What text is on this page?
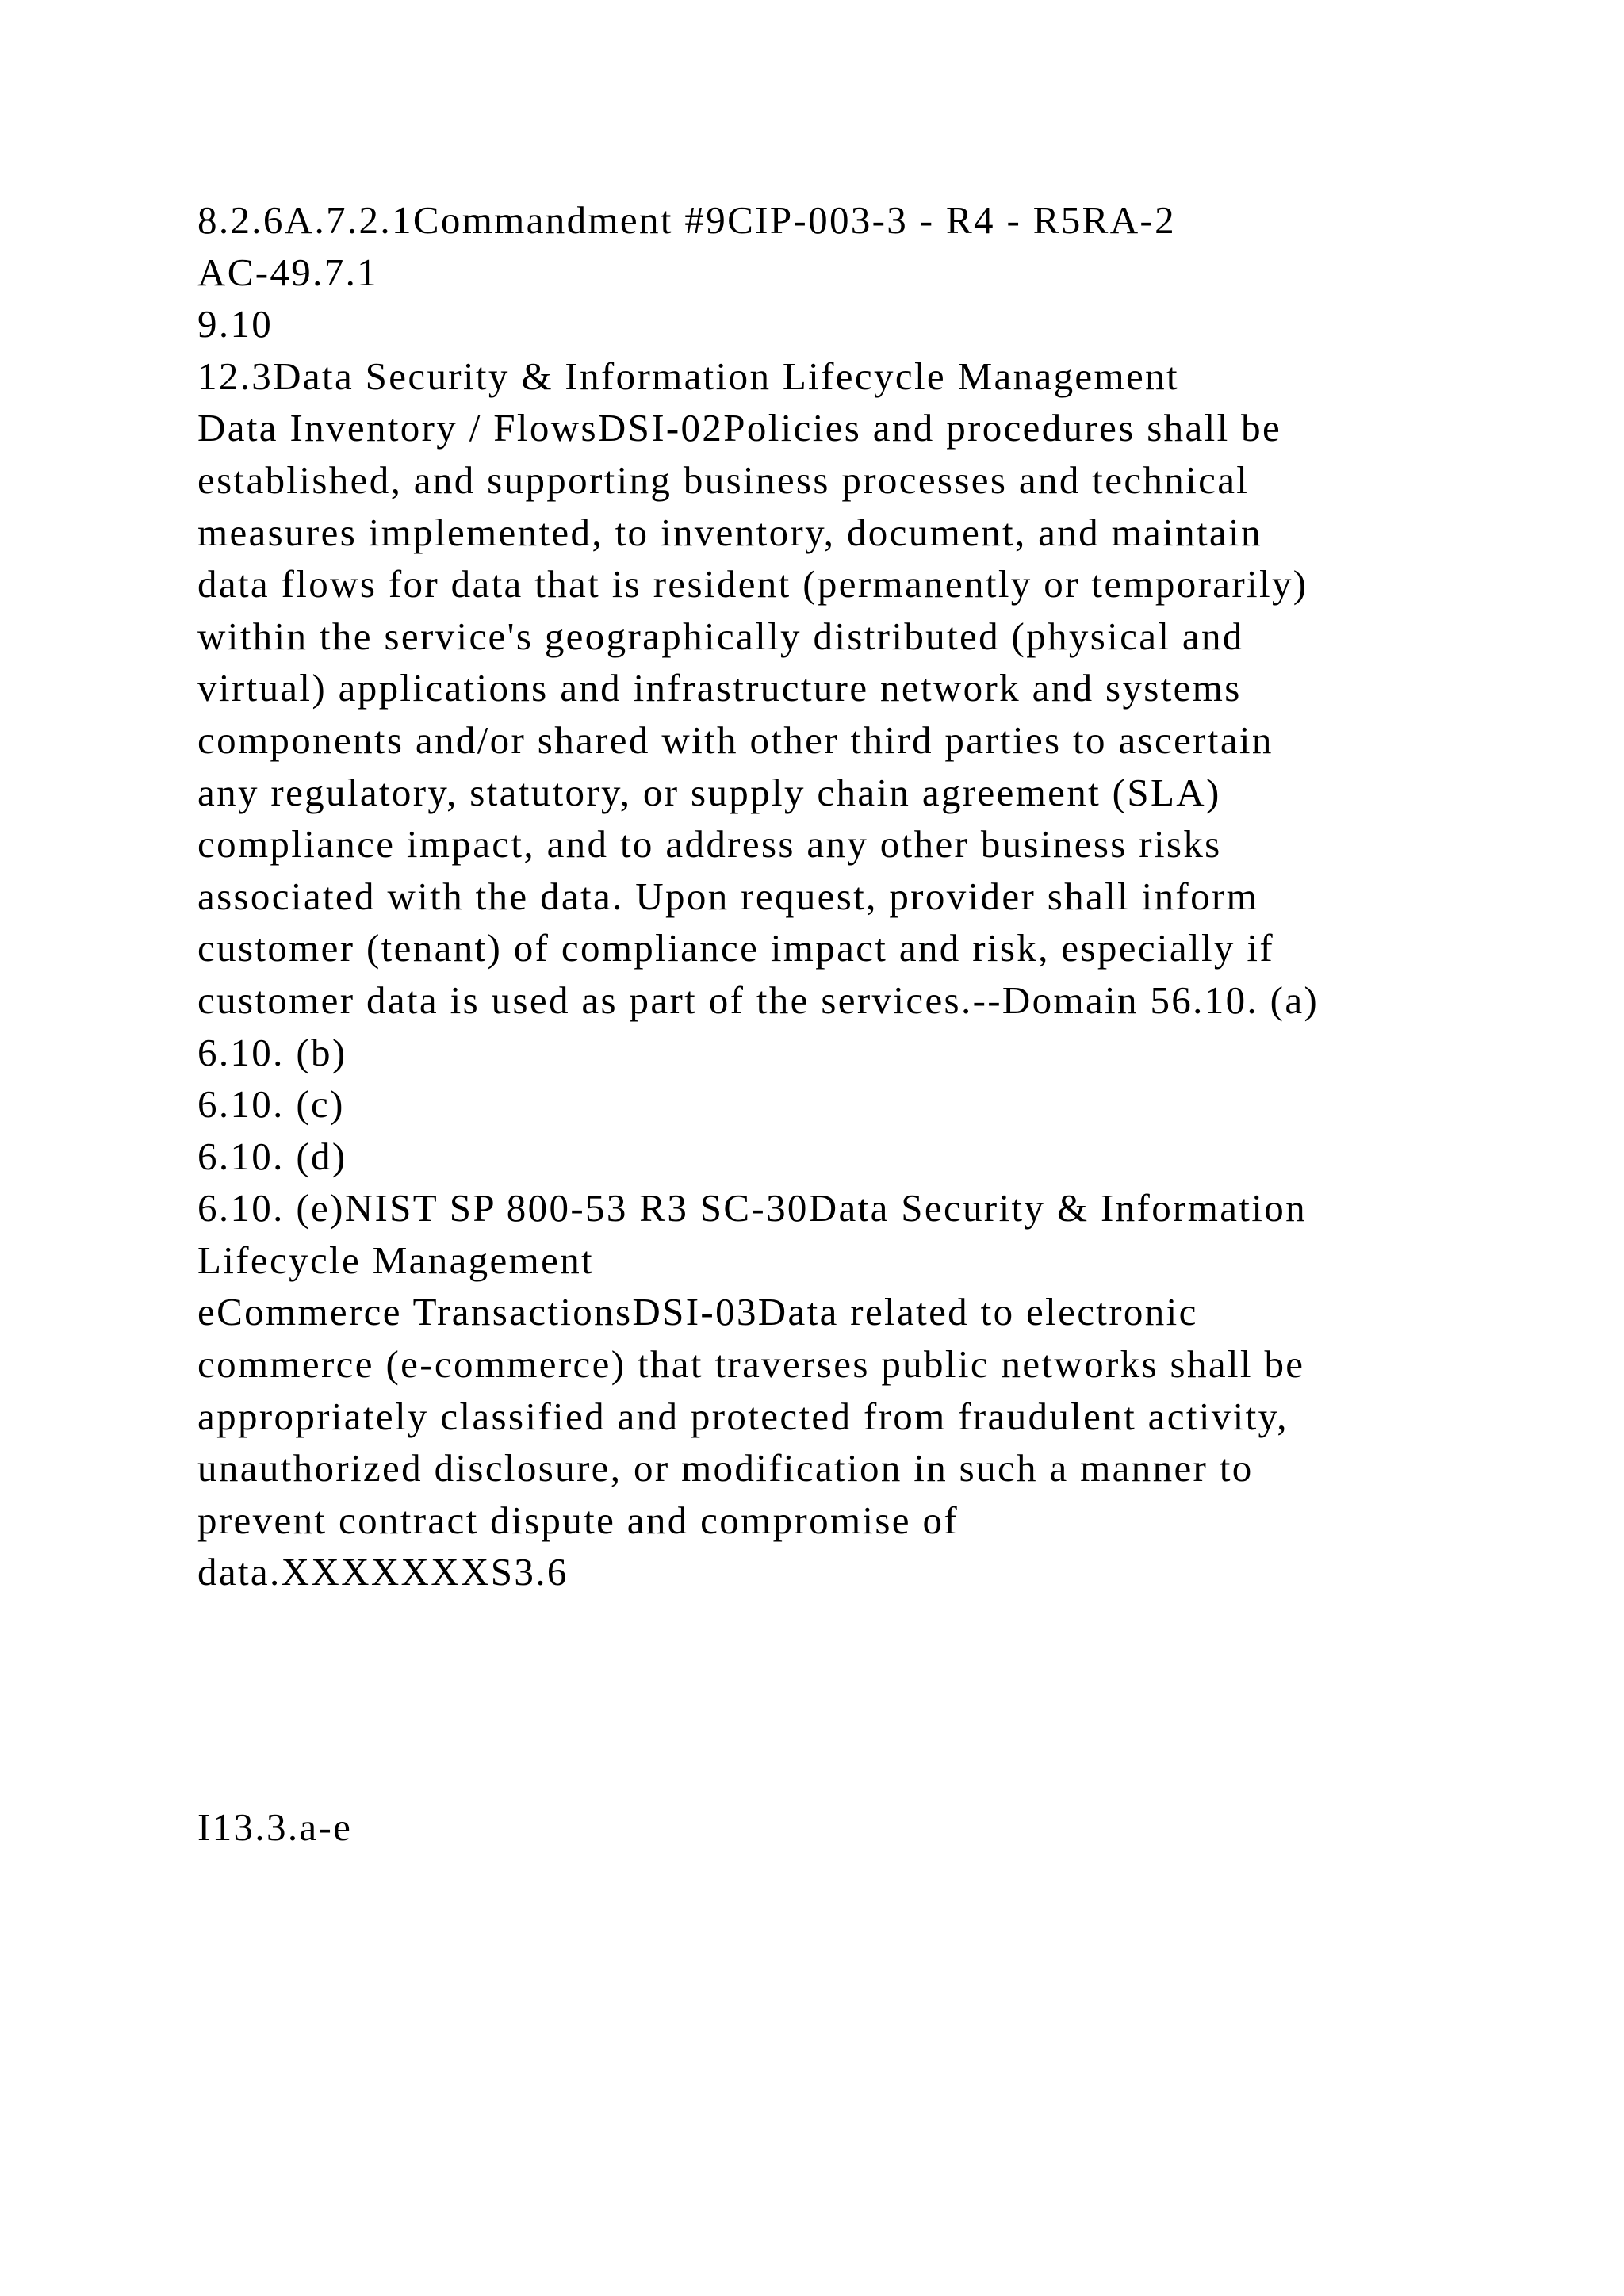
8.2.6A.7.2.1Commandment #9CIP-003-3 - R4 - R5RA-2
AC-49.7.1
9.10
12.3Data Security & Information Lifecycle Management
Data Inventory / FlowsDSI-02Policies and procedures shall be
established, and supporting business processes and technical
measures implemented, to inventory, document, and maintain
data flows for data that is resident (permanently or temporarily)
within the service's geographically distributed (physical and
virtual) applications and infrastructure network and systems
components and/or shared with other third parties to ascertain
any regulatory, statutory, or supply chain agreement (SLA)
compliance impact, and to address any other business risks
associated with the data. Upon request, provider shall inform
customer (tenant) of compliance impact and risk, especially if
customer data is used as part of the services.--Domain 56.10. (a)
6.10. (b)
6.10. (c)
6.10. (d)
6.10. (e)NIST SP 800-53 R3 SC-30Data Security & Information
Lifecycle Management
eCommerce TransactionsDSI-03Data related to electronic
commerce (e-commerce) that traverses public networks shall be
appropriately classified and protected from fraudulent activity,
unauthorized disclosure, or modification in such a manner to
prevent contract dispute and compromise of
data.XXXXXXXS3.6
I13.3.a-e
